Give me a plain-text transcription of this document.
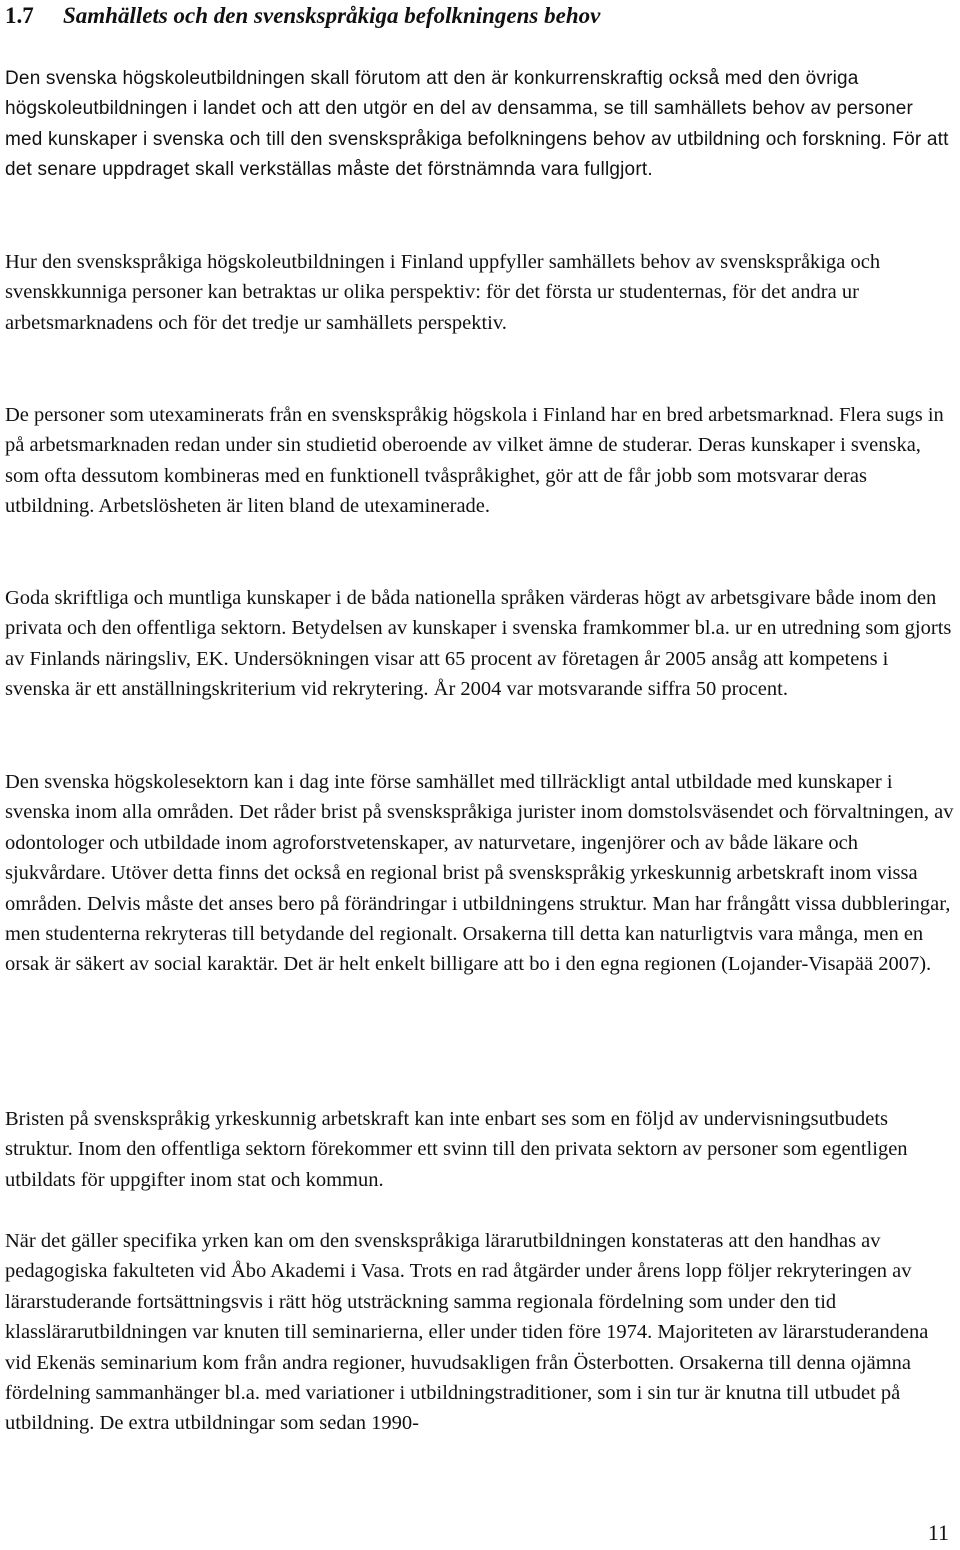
1.7 Samhällets och den svenskspråkiga befolkningens behov

Den svenska högskoleutbildningen skall förutom att den är konkurrenskraftig också med den övriga högskoleutbildningen i landet och att den utgör en del av densamma, se till samhällets behov av personer med kunskaper i svenska och till den svenskspråkiga befolkningens behov av utbildning och forskning. För att det senare uppdraget skall verkställas måste det förstnämnda vara fullgjort.

Hur den svenskspråkiga högskoleutbildningen i Finland uppfyller samhällets behov av svenskspråkiga och svenskkunniga personer kan betraktas ur olika perspektiv: för det första ur studenternas, för det andra ur arbetsmarknadens och för det tredje ur samhällets perspektiv.

De personer som utexaminerats från en svenskspråkig högskola i Finland har en bred arbetsmarknad. Flera sugs in på arbetsmarknaden redan under sin studietid oberoende av vilket ämne de studerar. Deras kunskaper i svenska, som ofta dessutom kombineras med en funktionell tvåspråkighet, gör att de får jobb som motsvarar deras utbildning. Arbetslösheten är liten bland de utexaminerade.

Goda skriftliga och muntliga kunskaper i de båda nationella språken värderas högt av arbetsgivare både inom den privata och den offentliga sektorn. Betydelsen av kunskaper i svenska framkommer bl.a. ur en utredning som gjorts av Finlands näringsliv, EK. Undersökningen visar att 65 procent av företagen år 2005 ansåg att kompetens i svenska är ett anställningskriterium vid rekrytering. År 2004 var motsvarande siffra 50 procent.

Den svenska högskolesektorn kan i dag inte förse samhället med tillräckligt antal utbildade med kunskaper i svenska inom alla områden. Det råder brist på svenskspråkiga jurister inom domstolsväsendet och förvaltningen, av odontologer och utbildade inom agroforstvetenskaper, av naturvetare, ingenjörer och av både läkare och sjukvårdare. Utöver detta finns det också en regional brist på svenskspråkig yrkeskunnig arbetskraft inom vissa områden. Delvis måste det anses bero på förändringar i utbildningens struktur. Man har frångått vissa dubbleringar, men studenterna rekryteras till betydande del regionalt. Orsakerna till detta kan naturligtvis vara många, men en orsak är säkert av social karaktär. Det är helt enkelt billigare att bo i den egna regionen (Lojander-Visapää 2007).

Bristen på svenskspråkig yrkeskunnig arbetskraft kan inte enbart ses som en följd av undervisningsutbudets struktur. Inom den offentliga sektorn förekommer ett svinn till den privata sektorn av personer som egentligen utbildats för uppgifter inom stat och kommun.

När det gäller specifika yrken kan om den svenskspråkiga lärarutbildningen konstateras att den handhas av pedagogiska fakulteten vid Åbo Akademi i Vasa. Trots en rad åtgärder under årens lopp följer rekryteringen av lärarstuderande fortsättningsvis i rätt hög utsträckning samma regionala fördelning som under den tid klasslärarutbildningen var knuten till seminarierna, eller under tiden före 1974. Majoriteten av lärarstuderandena vid Ekenäs seminarium kom från andra regioner, huvudsakligen från Österbotten. Orsakerna till denna ojämna fördelning sammanhänger bl.a. med variationer i utbildningstraditioner, som i sin tur är knutna till utbudet på utbildning. De extra utbildningar som sedan 1990-

11
